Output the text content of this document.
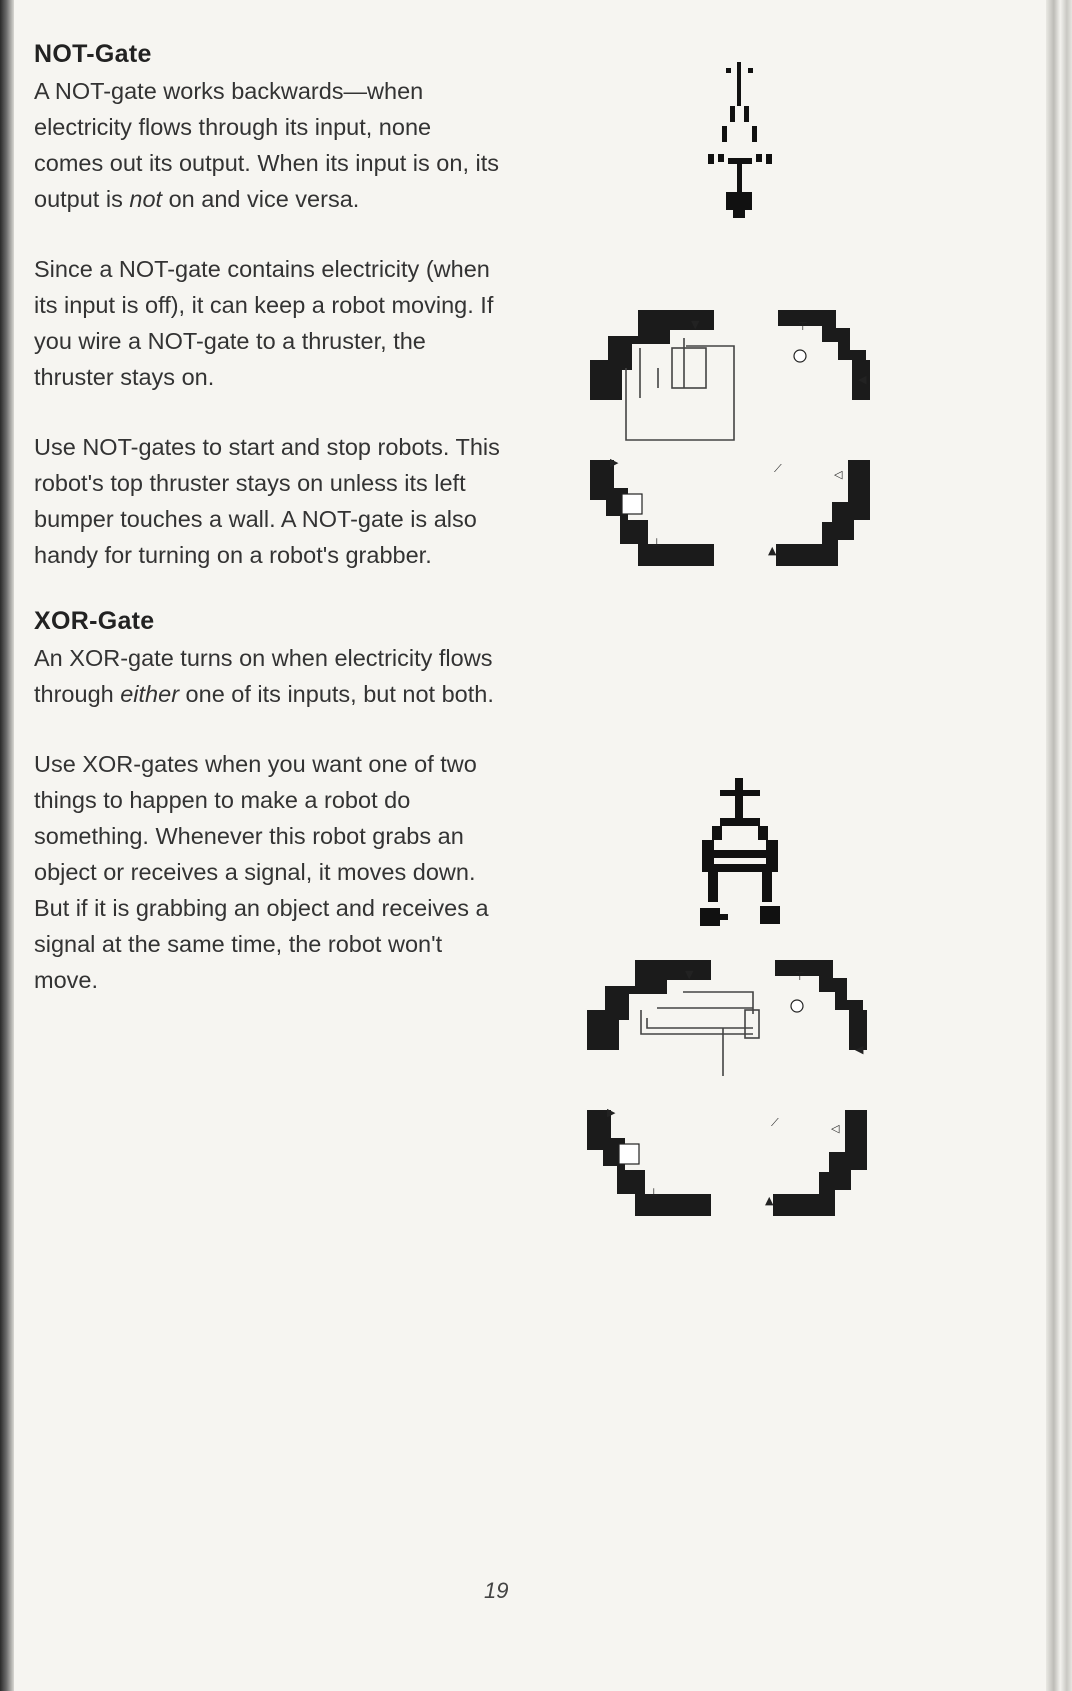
NOT-Gate

A NOT-gate works backwards—when electricity flows through its input, none comes out its output. When its input is on, its output is not on and vice versa.

Since a NOT-gate contains electricity (when its input is off), it can keep a robot moving. If you wire a NOT-gate to a thruster, the thruster stays on.

Use NOT-gates to start and stop robots. This robot's top thruster stays on unless its left bumper touches a wall. A NOT-gate is also handy for turning on a robot's grabber.

XOR-Gate

An XOR-gate turns on when electricity flows through either one of its inputs, but not both.

Use XOR-gates when you want one of two things to happen to make a robot do something. Whenever this robot grabs an object or receives a signal, it moves down. But if it is grabbing an object and receives a signal at the same time, the robot won't move.

▼	⊤
◀
▶
◁
▲
⊥
⟋
▼	⊤
◀
▶
◁
▲
⊥
⟋
19
